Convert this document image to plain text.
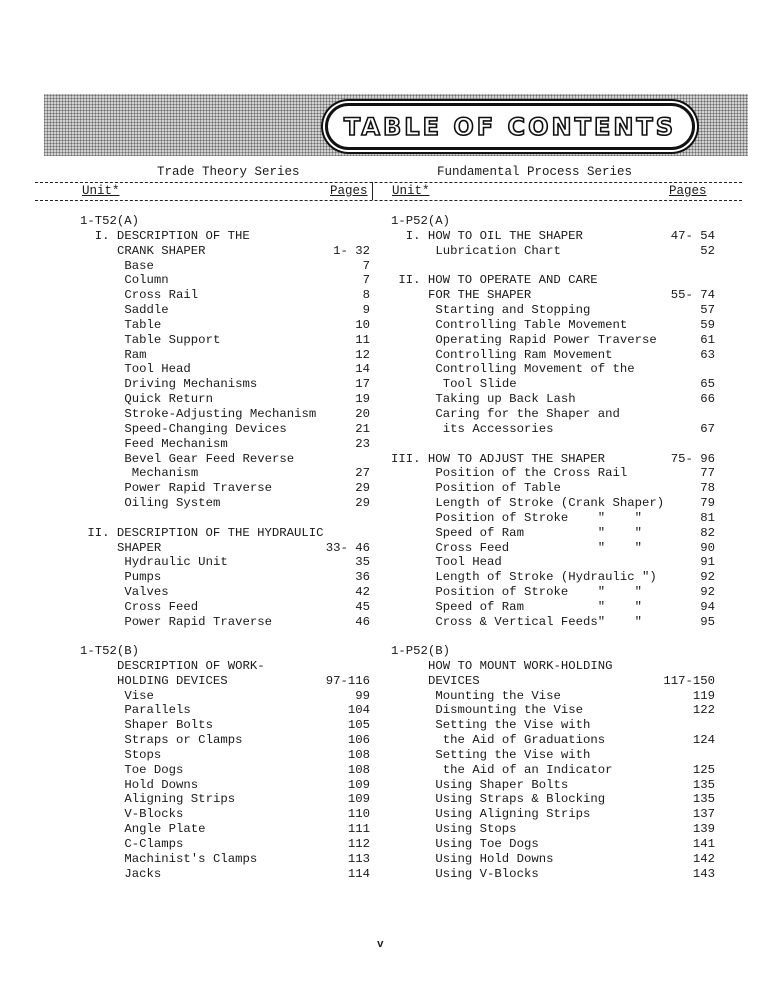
TABLE OF CONTENTS
Trade Theory Series	Fundamental Process Series
Unit*	Pages Unit*	Pages
1-T52(A)
I. DESCRIPTION OF THE
CRANK SHAPER	1- 32
Base	7
Column	7
Cross Rail	8
Saddle	9
Table	10
Table Support	11
Ram	12
Tool Head	14
Driving Mechanisms	17
Quick Return	19
Stroke-Adjusting Mechanism	20
Speed-Changing Devices	21
Feed Mechanism	23
Bevel Gear Feed Reverse
Mechanism	27
Power Rapid Traverse	29
Oiling System	29
II. DESCRIPTION OF THE HYDRAULIC
SHAPER	33- 46
Hydraulic Unit	35
Pumps	36
Valves	42
Cross Feed	45
Power Rapid Traverse	46
1-T52(B)
DESCRIPTION OF WORK-
HOLDING DEVICES	97-116
Vise	99
Parallels	104
Shaper Bolts	105
Straps or Clamps	106
Stops	108
Toe Dogs	108
Hold Downs	109
Aligning Strips	109
V-Blocks	110
Angle Plate	111
C-Clamps	112
Machinist's Clamps	113
Jacks	114
1-P52(A)
I. HOW TO OIL THE SHAPER	47- 54
Lubrication Chart	52
II. HOW TO OPERATE AND CARE
FOR THE SHAPER	55- 74
Starting and Stopping	57
Controlling Table Movement	59
Operating Rapid Power Traverse	61
Controlling Ram Movement	63
Controlling Movement of the
Tool Slide	65
Taking up Back Lash	66
Caring for the Shaper and
its Accessories	67
III. HOW TO ADJUST THE SHAPER	75- 96
Position of the Cross Rail	77
Position of Table	78
Length of Stroke (Crank Shaper)	79
Position of Stroke    "    "	81
Speed of Ram          "    "	82
Cross Feed            "    "	90
Tool Head	91
Length of Stroke (Hydraulic ")	92
Position of Stroke    "    "	92
Speed of Ram          "    "	94
Cross & Vertical Feeds"    "	95
1-P52(B)
HOW TO MOUNT WORK-HOLDING
DEVICES	117-150
Mounting the Vise	119
Dismounting the Vise	122
Setting the Vise with
the Aid of Graduations	124
Setting the Vise with
the Aid of an Indicator	125
Using Shaper Bolts	135
Using Straps & Blocking	135
Using Aligning Strips	137
Using Stops	139
Using Toe Dogs	141
Using Hold Downs	142
Using V-Blocks	143
v
